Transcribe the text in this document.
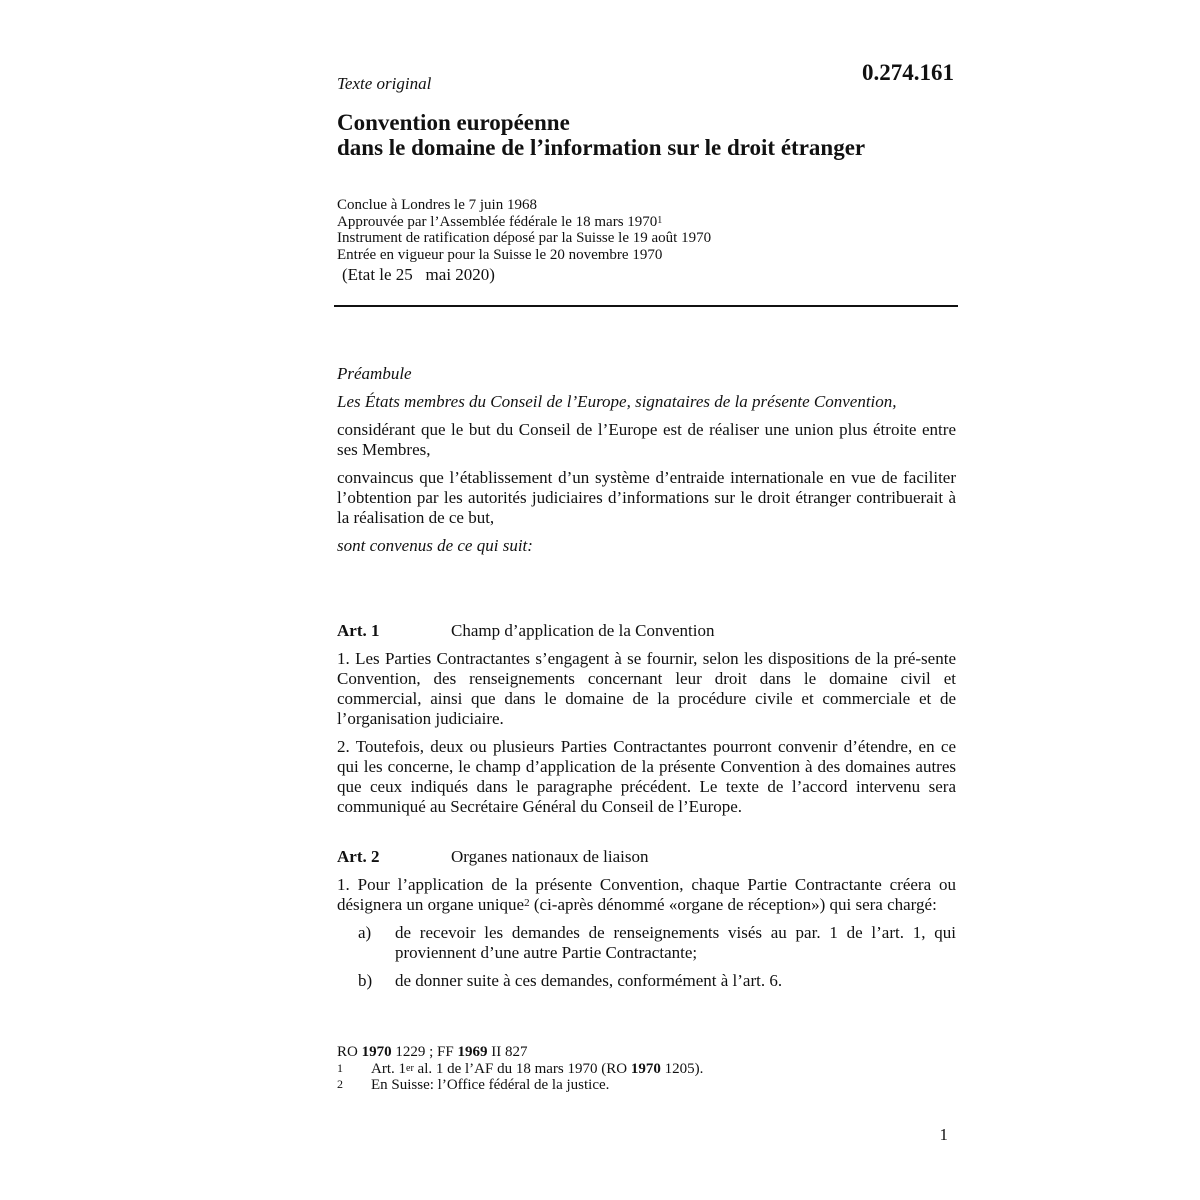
Texte original	0.274.161
Convention européenne
dans le domaine de l’information sur le droit étranger
Conclue à Londres le 7 juin 1968
Approuvée par l’Assemblée fédérale le 18 mars 1970$^1$
Instrument de ratification déposé par la Suisse le 19 août 1970
Entrée en vigueur pour la Suisse le 20 novembre 1970
(Etat le 25   mai 2020)

Préambule

Les États membres du Conseil de l’Europe, signataires de la présente Convention,

considérant que le but du Conseil de l’Europe est de réaliser une union plus étroite entre ses Membres,

convaincus que l’établissement d’un système d’entraide internationale en vue de faciliter l’obtention par les autorités judiciaires d’informations sur le droit étranger contribuerait à la réalisation de ce but,

sont convenus de ce qui suit:

Art. 1	Champ d’application de la Convention

1. Les Parties Contractantes s’engagent à se fournir, selon les dispositions de la pré-sente Convention, des renseignements concernant leur droit dans le domaine civil et commercial, ainsi que dans le domaine de la procédure civile et commerciale et de l’organisation judiciaire.

2. Toutefois, deux ou plusieurs Parties Contractantes pourront convenir d’étendre, en ce qui les concerne, le champ d’application de la présente Convention à des domaines autres que ceux indiqués dans le paragraphe précédent. Le texte de l’accord intervenu sera communiqué au Secrétaire Général du Conseil de l’Europe.

Art. 2	Organes nationaux de liaison

1. Pour l’application de la présente Convention, chaque Partie Contractante créera ou désignera un organe unique$^2$ (ci-après dénommé «organe de réception») qui sera chargé:

a)	de recevoir les demandes de renseignements visés au par. 1 de l’art. 1, qui proviennent d’une autre Partie Contractante;
b)	de donner suite à ces demandes, conformément à l’art. 6.
RO 1970 1229 ; FF 1969 II 827
1	Art. 1er al. 1 de l’AF du 18 mars 1970 (RO 1970 1205).
2	En Suisse: l’Office fédéral de la justice.
1
